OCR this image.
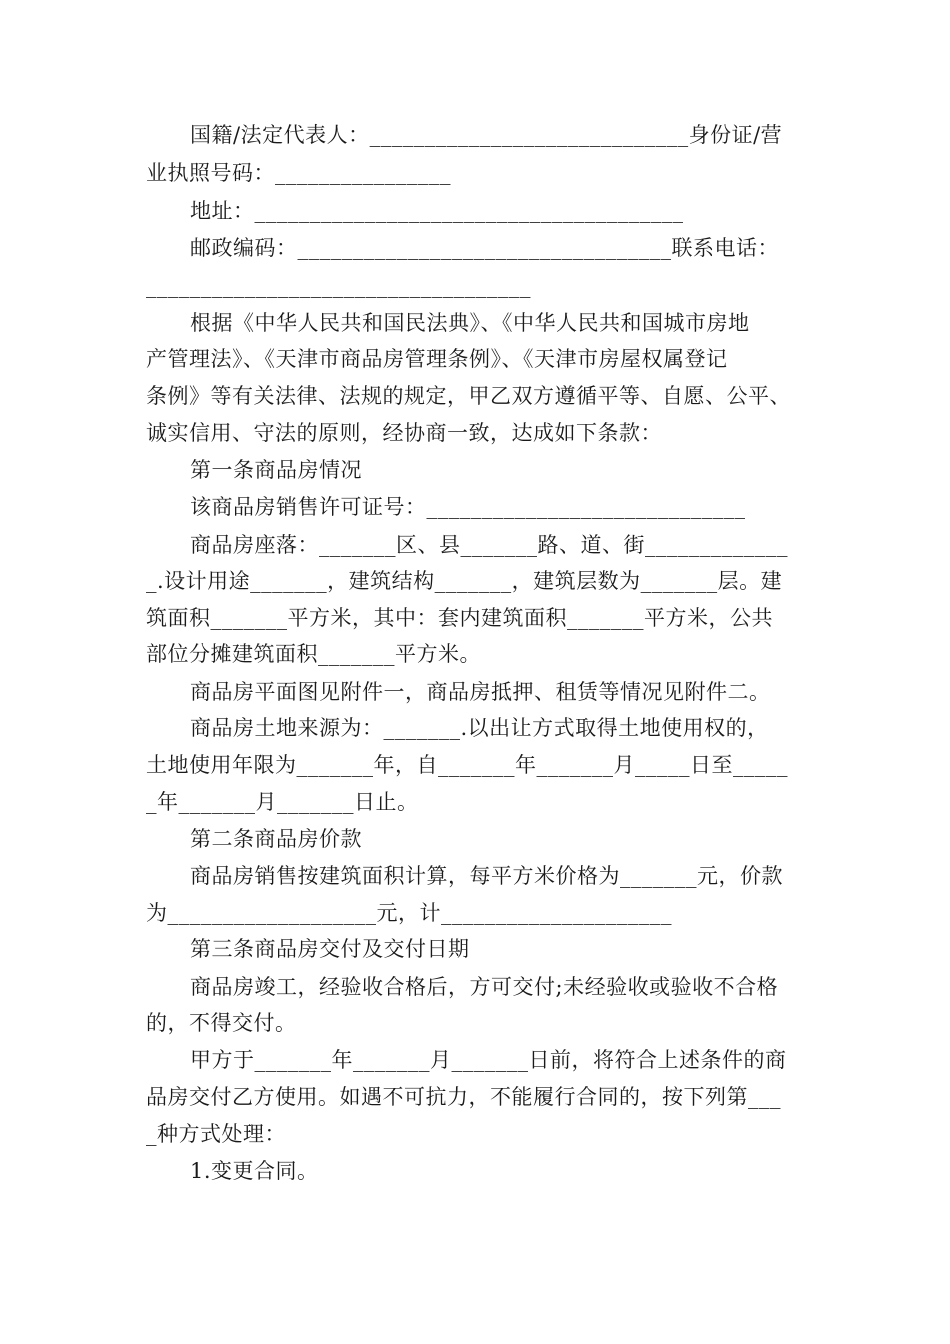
国籍/法定代表人：_____________________________身份证/营
业执照号码：________________
地址：_______________________________________
邮政编码：__________________________________联系电话：
___________________________________
根据《中华人民共和国民法典》、《中华人民共和国城市房地
产管理法》、《天津市商品房管理条例》、《天津市房屋权属登记
条例》等有关法律、法规的规定，甲乙双方遵循平等、自愿、公平、
诚实信用、守法的原则，经协商一致，达成如下条款：
第一条商品房情况
该商品房销售许可证号：_____________________________
商品房座落：_______区、县_______路、道、街_____________
_.设计用途_______，建筑结构_______，建筑层数为_______层。建
筑面积_______平方米，其中：套内建筑面积_______平方米，公共
部位分摊建筑面积_______平方米。
商品房平面图见附件一，商品房抵押、租赁等情况见附件二。
商品房土地来源为：_______.以出让方式取得土地使用权的，
土地使用年限为_______年，自_______年_______月_____日至_____
_年_______月_______日止。
第二条商品房价款
商品房销售按建筑面积计算，每平方米价格为_______元，价款
为___________________元，计_____________________
第三条商品房交付及交付日期
商品房竣工，经验收合格后，方可交付;未经验收或验收不合格
的，不得交付。
甲方于_______年_______月_______日前，将符合上述条件的商
品房交付乙方使用。如遇不可抗力，不能履行合同的，按下列第___
_种方式处理：
1.变更合同。
